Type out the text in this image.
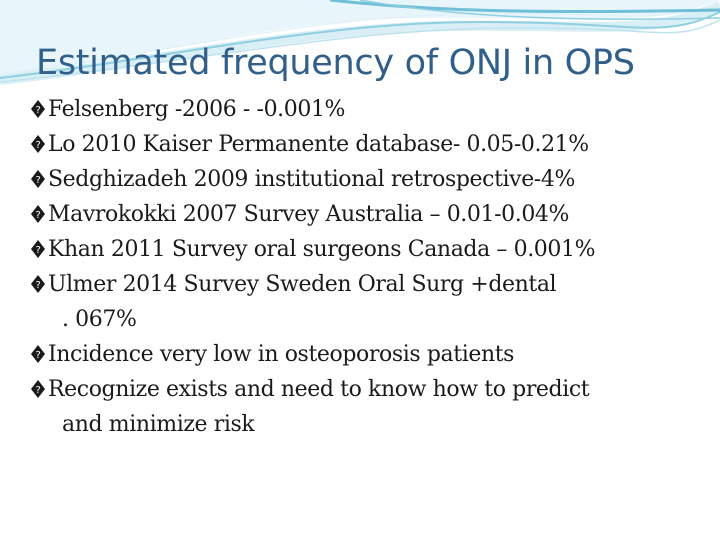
Estimated frequency of ONJ in OPS
? Felsenberg -2006 - -0.001%
? Lo 2010 Kaiser Permanente database- 0.05-0.21%
? Sedghizadeh 2009 institutional retrospective-4%
? Mavrokokki 2007 Survey Australia – 0.01-0.04%
? Khan 2011 Survey oral surgeons Canada – 0.001%
? Ulmer 2014 Survey Sweden Oral Surg +dental
. 067%
? Incidence very low in osteoporosis patients
? Recognize exists and need to know how to predict
and minimize risk
